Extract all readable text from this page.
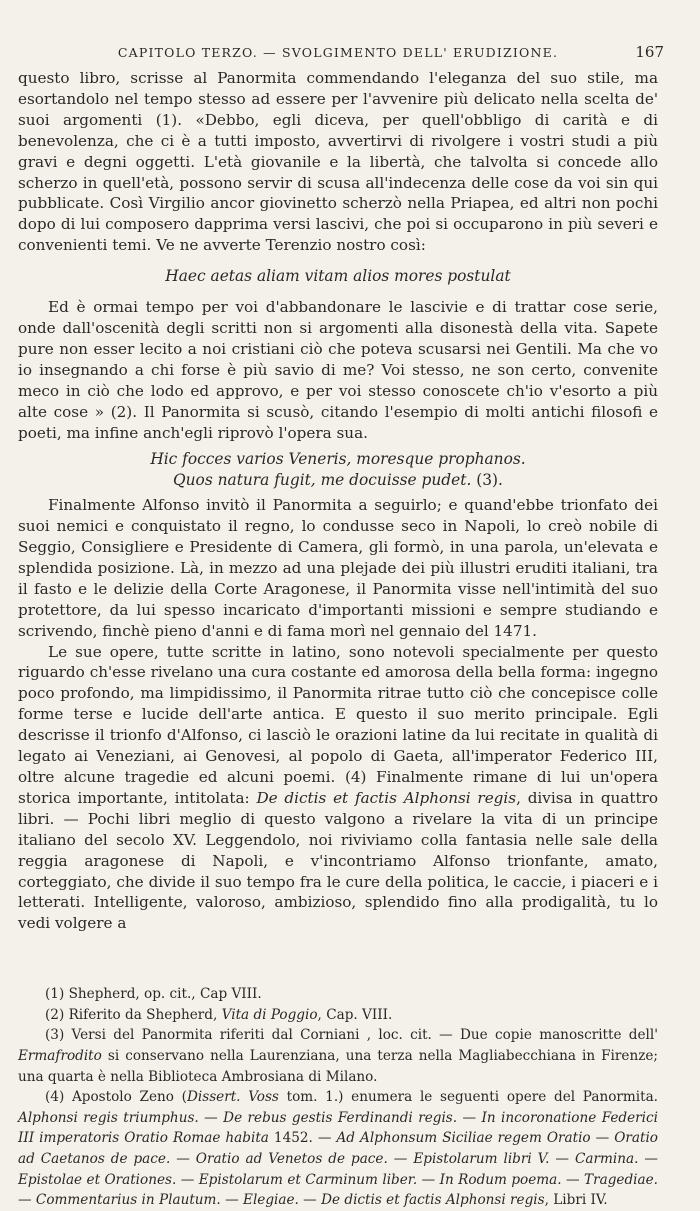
CAPITOLO TERZO. — SVOLGIMENTO DELL' ERUDIZIONE.	167

questo libro, scrisse al Panormita commendando l'eleganza del suo stile, ma esortandolo nel tempo stesso ad essere per l'avvenire più delicato nella scelta de' suoi argomenti (1). «Debbo, egli diceva, per quell'obbligo di carità e di benevolenza, che ci è a tutti imposto, avvertirvi di rivolgere i vostri studi a più gravi e degni oggetti. L'età giovanile e la libertà, che talvolta si concede allo scherzo in quell'età, possono servir di scusa all'indecenza delle cose da voi sin qui pubblicate. Così Virgilio ancor giovinetto scherzò nella Priapea, ed altri non pochi dopo di lui composero dapprima versi lascivi, che poi si occuparono in più severi e convenienti temi. Ve ne avverte Terenzio nostro così:

Haec aetas aliam vitam alios mores postulat

Ed è ormai tempo per voi d'abbandonare le lascivie e di trattar cose serie, onde dall'oscenità degli scritti non si argomenti alla disonestà della vita. Sapete pure non esser lecito a noi cristiani ciò che poteva scusarsi nei Gentili. Ma che vo io insegnando a chi forse è più savio di me? Voi stesso, ne son certo, convenite meco in ciò che lodo ed approvo, e per voi stesso conoscete ch'io v'esorto a più alte cose » (2). Il Panormita si scusò, citando l'esempio di molti antichi filosofi e poeti, ma infine anch'egli riprovò l'opera sua.

Hic focces varios Veneris, moresque prophanos.
Quos natura fugit, me docuisse pudet. (3).

Finalmente Alfonso invitò il Panormita a seguirlo; e quand'ebbe trionfato dei suoi nemici e conquistato il regno, lo condusse seco in Napoli, lo creò nobile di Seggio, Consigliere e Presidente di Camera, gli formò, in una parola, un'elevata e splendida posizione. Là, in mezzo ad una plejade dei più illustri eruditi italiani, tra il fasto e le delizie della Corte Aragonese, il Panormita visse nell'intimità del suo protettore, da lui spesso incaricato d'importanti missioni e sempre studiando e scrivendo, finchè pieno d'anni e di fama morì nel gennaio del 1471.

Le sue opere, tutte scritte in latino, sono notevoli specialmente per questo riguardo ch'esse rivelano una cura costante ed amorosa della bella forma: ingegno poco profondo, ma limpidissimo, il Panormita ritrae tutto ciò che concepisce colle forme terse e lucide dell'arte antica. E questo il suo merito principale. Egli descrisse il trionfo d'Alfonso, ci lasciò le orazioni latine da lui recitate in qualità di legato ai Veneziani, ai Genovesi, al popolo di Gaeta, all'imperator Federico III, oltre alcune tragedie ed alcuni poemi. (4) Finalmente rimane di lui un'opera storica importante, intitolata: De dictis et factis Alphonsi regis, divisa in quattro libri. — Pochi libri meglio di questo valgono a rivelare la vita di un principe italiano del secolo XV. Leggendolo, noi riviviamo colla fantasia nelle sale della reggia aragonese di Napoli, e v'incontriamo Alfonso trionfante, amato, corteggiato, che divide il suo tempo fra le cure della politica, le caccie, i piaceri e i letterati. Intelligente, valoroso, ambizioso, splendido fino alla prodigalità, tu lo vedi volgere a

(1) Shepherd, op. cit., Cap VIII.

(2) Riferito da Shepherd, Vita di Poggio, Cap. VIII.

(3) Versi del Panormita riferiti dal Corniani , loc. cit. — Due copie manoscritte dell' Ermafrodito si conservano nella Laurenziana, una terza nella Magliabecchiana in Firenze; una quarta è nella Biblioteca Ambrosiana di Milano.

(4) Apostolo Zeno (Dissert. Voss tom. 1.) enumera le seguenti opere del Panormita. Alphonsi regis triumphus. — De rebus gestis Ferdinandi regis. — In incoronatione Federici III imperatoris Oratio Romae habita 1452. — Ad Alphonsum Siciliae regem Oratio — Oratio ad Caetanos de pace. — Oratio ad Venetos de pace. — Epistolarum libri V. — Carmina. — Epistolae et Orationes. — Epistolarum et Carminum liber. — In Rodum poema. — Tragediae. — Commentarius in Plautum. — Elegiae. — De dictis et factis Alphonsi regis, Libri IV.
